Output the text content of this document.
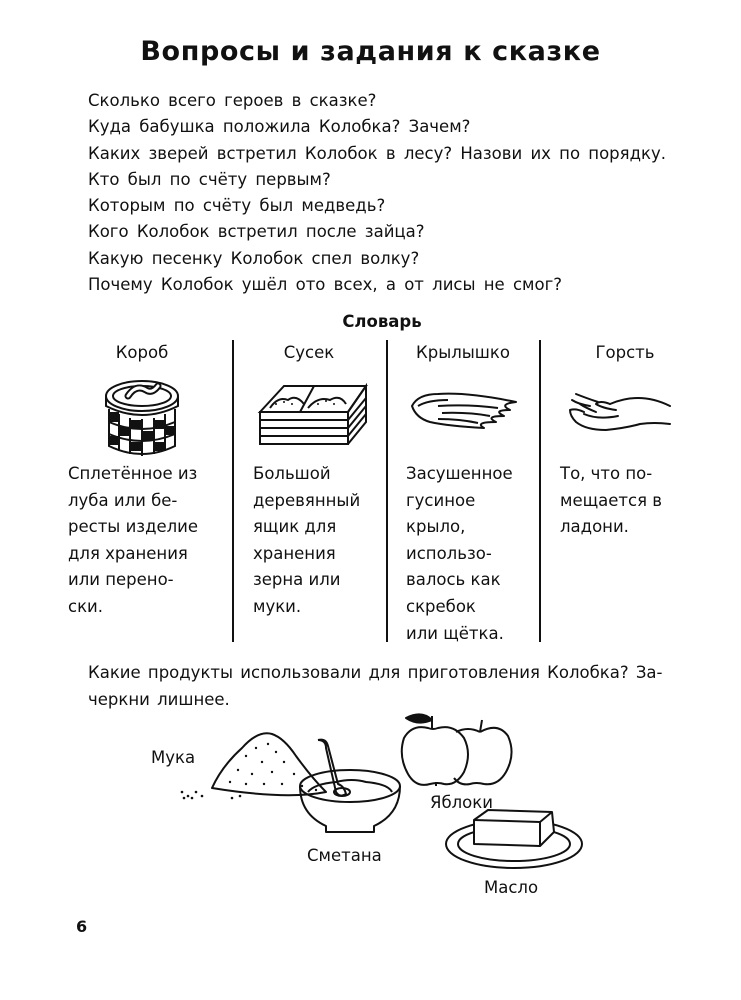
Вопросы и задания к сказке
Сколько всего героев в сказке?
Куда бабушка положила Колобка? Зачем?
Каких зверей встретил Колобок в лесу? Назови их по порядку.
Кто был по счёту первым?
Которым по счёту был медведь?
Кого Колобок встретил после зайца?
Какую песенку Колобок спел волку?
Почему Колобок ушёл ото всех, а от лисы не смог?
Словарь
Короб
Сплетённое из
луба или бе-
ресты изделие
для хранения
или перено-
ски.
Сусек
Большой
деревянный
ящик для
хранения
зерна или
муки.
Крылышко
Засушенное
гусиное
крыло,
использо-
валось как
скребок
или щётка.
Горсть
То, что по-
мещается в
ладони.
Какие продукты использовали для приготовления Колобка? За-
черкни лишнее.
Мука
Сметана
Яблоки
Масло
6
